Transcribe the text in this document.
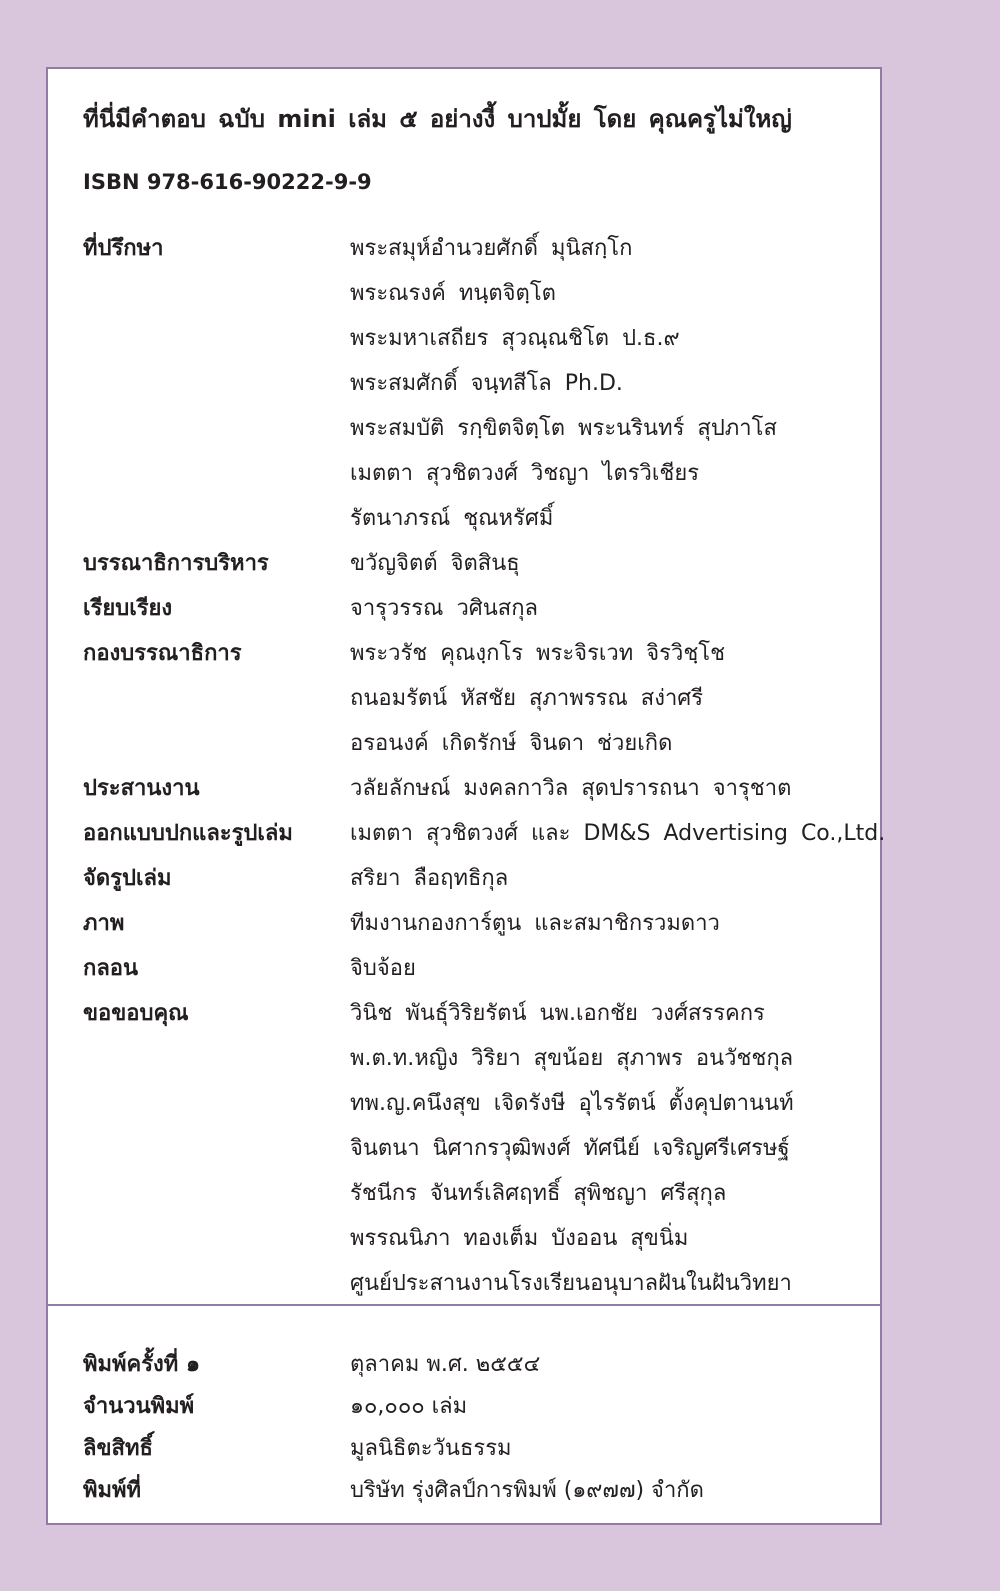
ที่นี่มีคำตอบ ฉบับ mini เล่ม ๕ อย่างงี้ บาปมั้ย โดย คุณครูไม่ใหญ่
ISBN 978-616-90222-9-9
ที่ปรึกษา	พระสมุห์อำนวยศักดิ์ มุนิสกฺโก
พระณรงค์ ทนฺตจิตฺโต
พระมหาเสถียร สุวณฺณชิโต ป.ธ.๙
พระสมศักดิ์ จนฺทสีโล Ph.D.
พระสมบัติ รกฺขิตจิตฺโต พระนรินทร์ สุปภาโส
เมตตา สุวชิตวงศ์ วิชญา ไตรวิเชียร
รัตนาภรณ์ ชุณหรัศมิ์
บรรณาธิการบริหาร	ขวัญจิตต์ จิตสินธุ
เรียบเรียง	จารุวรรณ วศินสกุล
กองบรรณาธิการ	พระวรัช คุณงฺกโร พระจิรเวท จิรวิชฺโช
ถนอมรัตน์ หัสชัย สุภาพรรณ สง่าศรี
อรอนงค์ เกิดรักษ์ จินดา ช่วยเกิด
ประสานงาน	วลัยลักษณ์ มงคลกาวิล สุดปรารถนา จารุชาต
ออกแบบปกและรูปเล่ม	เมตตา สุวชิตวงศ์ และ DM&S Advertising Co.,Ltd.
จัดรูปเล่ม	สริยา ลือฤทธิกุล
ภาพ	ทีมงานกองการ์ตูน และสมาชิกรวมดาว
กลอน	จิบจ้อย
ขอขอบคุณ	วินิช พันธุ์วิริยรัตน์ นพ.เอกชัย วงศ์สรรคกร
พ.ต.ท.หญิง วิริยา สุขน้อย สุภาพร อนวัชชกุล
ทพ.ญ.คนึงสุข เจิดรังษี อุไรรัตน์ ตั้งคุปตานนท์
จินตนา นิศากรวุฒิพงศ์ ทัศนีย์ เจริญศรีเศรษฐ์
รัชนีกร จันทร์เลิศฤทธิ์ สุพิชญา ศรีสุกุล
พรรณนิภา ทองเต็ม บังออน สุขนิ่ม
ศูนย์ประสานงานโรงเรียนอนุบาลฝันในฝันวิทยา
พิมพ์ครั้งที่ ๑	ตุลาคม พ.ศ. ๒๕๕๔
จำนวนพิมพ์	๑๐,๐๐๐ เล่ม
ลิขสิทธิ์	มูลนิธิตะวันธรรม
พิมพ์ที่	บริษัท รุ่งศิลป์การพิมพ์ (๑๙๗๗) จำกัด
